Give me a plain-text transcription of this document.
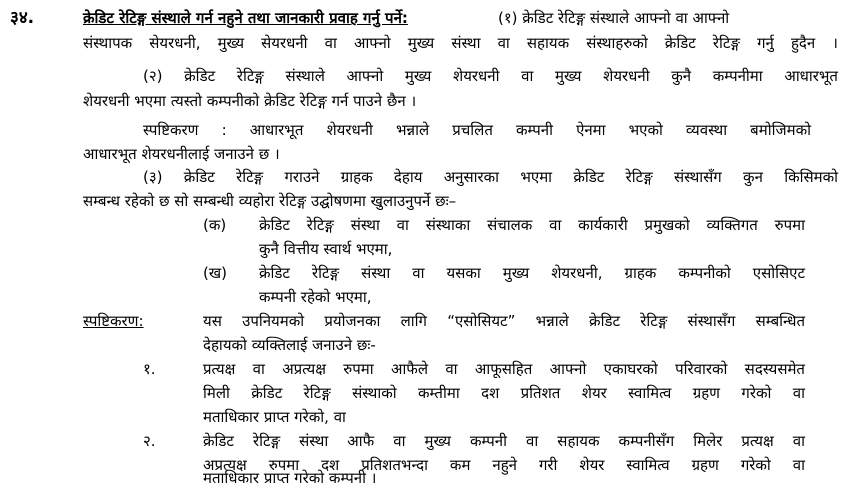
३४.	क्रेडिट रेटिङ्ग संस्थाले गर्न नहुने तथा जानकारी प्रवाह गर्नु पर्ने:	(१) क्रेडिट रेटिङ्ग संस्थाले आफ्नो वा आफ्नो
संस्थापक सेयरधनी, मुख्य सेयरधनी वा आफ्नो मुख्य संस्था वा सहायक संस्थाहरुको क्रेडिट रेटिङ्ग गर्नु हुदैन ।
(२) क्रेडिट रेटिङ्ग संस्थाले आफ्नो मुख्य शेयरधनी वा मुख्य शेयरधनी कुनै कम्पनीमा आधारभूत
शेयरधनी भएमा त्यस्तो कम्पनीको क्रेडिट रेटिङ्ग गर्न पाउने छैन ।
स्पष्टिकरण : आधारभूत शेयरधनी भन्नाले प्रचलित कम्पनी ऐनमा भएको व्यवस्था बमोजिमको
आधारभूत शेयरधनीलाई जनाउने छ ।
(३) क्रेडिट रेटिङ्ग गराउने ग्राहक देहाय अनुसारका भएमा क्रेडिट रेटिङ्ग संस्थासँग कुन किसिमको
सम्बन्ध रहेको छ सो सम्बन्धी व्यहोरा रेटिङ्ग उद्घोषणमा खुलाउनुपर्ने छः–
(क) क्रेडिट रेटिङ्ग संस्था वा संस्थाका संचालक वा कार्यकारी प्रमुखको व्यक्तिगत रुपमा
कुनै वित्तीय स्वार्थ भएमा,
(ख) क्रेडिट रेटिङ्ग संस्था वा यसका मुख्य शेयरधनी, ग्राहक कम्पनीको एसोसिएट
कम्पनी रहेको भएमा,
स्पष्टिकरण:	यस उपनियमको प्रयोजनका लागि “एसोसियट” भन्नाले क्रेडिट रेटिङ्ग संस्थासँग सम्बन्धित
देहायको व्यक्तिलाई जनाउने छः-
१.	प्रत्यक्ष वा अप्रत्यक्ष रुपमा आफैले वा आफूसहित आफ्नो एकाघरको परिवारको सदस्यसमेत
मिली क्रेडिट रेटिङ्ग संस्थाको कम्तीमा दश प्रतिशत शेयर स्वामित्व ग्रहण गरेको वा
मताधिकार प्राप्त गरेको, वा
२.	क्रेडिट रेटिङ्ग संस्था आफै वा मुख्य कम्पनी वा सहायक कम्पनीसँग मिलेर प्रत्यक्ष वा
अप्रत्यक्ष रुपमा दश प्रतिशतभन्दा कम नहुने गरी शेयर स्वामित्व ग्रहण गरेको वा
मताधिकार प्राप्त गरेको कम्पनी ।
